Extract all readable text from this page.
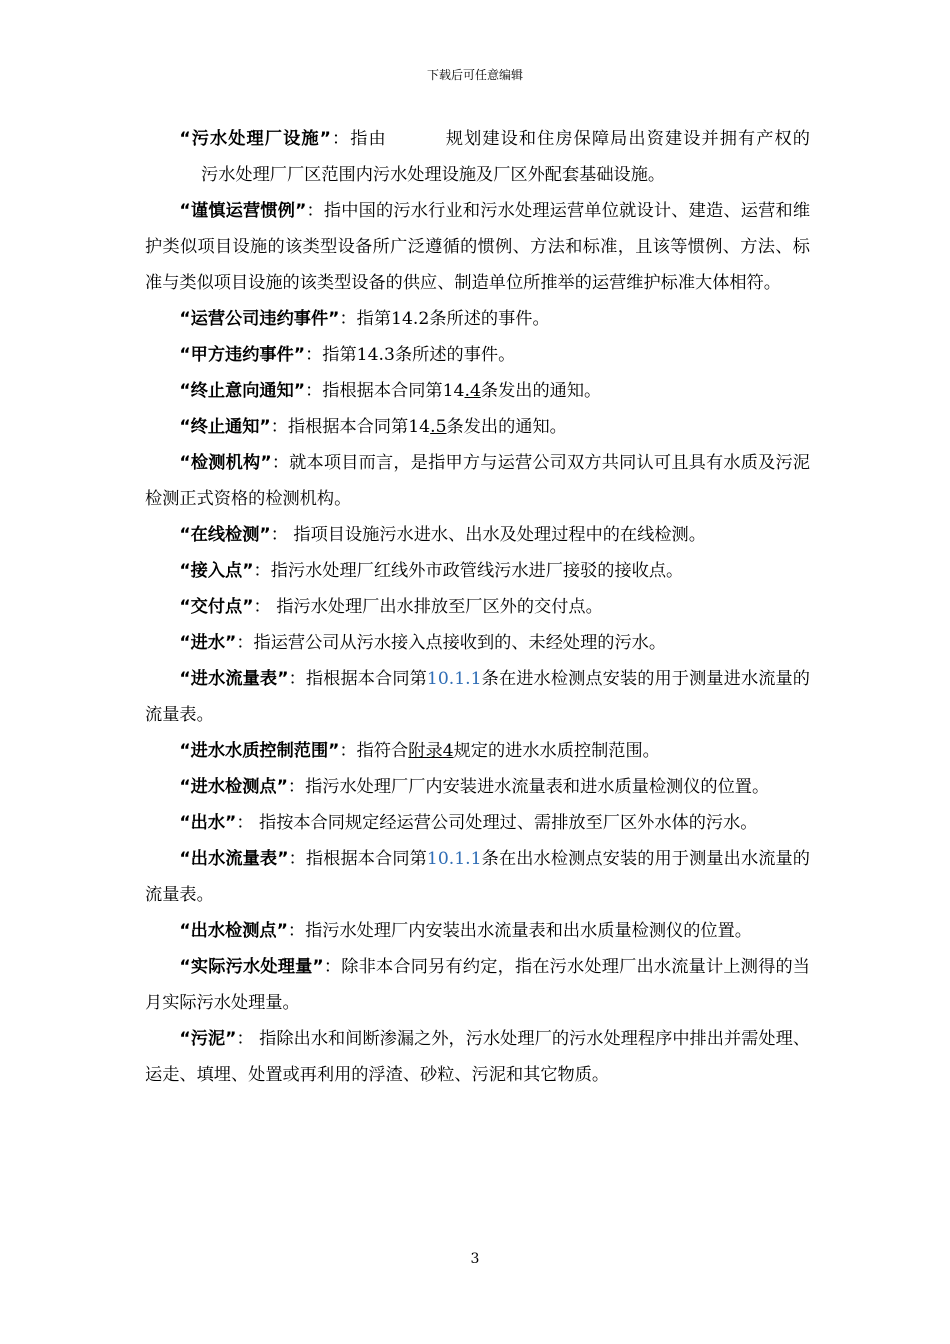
下载后可任意编辑

“污水处理厂设施”：指由	规划建设和住房保障局出资建设并拥有产权的污水处理厂厂区范围内污水处理设施及厂区外配套基础设施。

“谨慎运营惯例”：指中国的污水行业和污水处理运营单位就设计、建造、运营和维护类似项目设施的该类型设备所广泛遵循的惯例、方法和标准，且该等惯例、方法、标准与类似项目设施的该类型设备的供应、制造单位所推举的运营维护标准大体相符。

“运营公司违约事件”：指第14.2条所述的事件。

“甲方违约事件”：指第14.3条所述的事件。

“终止意向通知”：指根据本合同第14.4条发出的通知。

“终止通知”：指根据本合同第14.5条发出的通知。

“检测机构”：就本项目而言，是指甲方与运营公司双方共同认可且具有水质及污泥检测正式资格的检测机构。

“在线检测”： 指项目设施污水进水、出水及处理过程中的在线检测。

“接入点”：指污水处理厂红线外市政管线污水进厂接驳的接收点。

“交付点”： 指污水处理厂出水排放至厂区外的交付点。

“进水”：指运营公司从污水接入点接收到的、未经处理的污水。

“进水流量表”：指根据本合同第10.1.1条在进水检测点安装的用于测量进水流量的流量表。

“进水水质控制范围”：指符合附录4规定的进水水质控制范围。

“进水检测点”：指污水处理厂厂内安装进水流量表和进水质量检测仪的位置。

“出水”： 指按本合同规定经运营公司处理过、需排放至厂区外水体的污水。

“出水流量表”：指根据本合同第10.1.1条在出水检测点安装的用于测量出水流量的流量表。

“出水检测点”：指污水处理厂内安装出水流量表和出水质量检测仪的位置。

“实际污水处理量”：除非本合同另有约定，指在污水处理厂出水流量计上测得的当月实际污水处理量。

“污泥”： 指除出水和间断渗漏之外，污水处理厂的污水处理程序中排出并需处理、运走、填埋、处置或再利用的浮渣、砂粒、污泥和其它物质。

3
